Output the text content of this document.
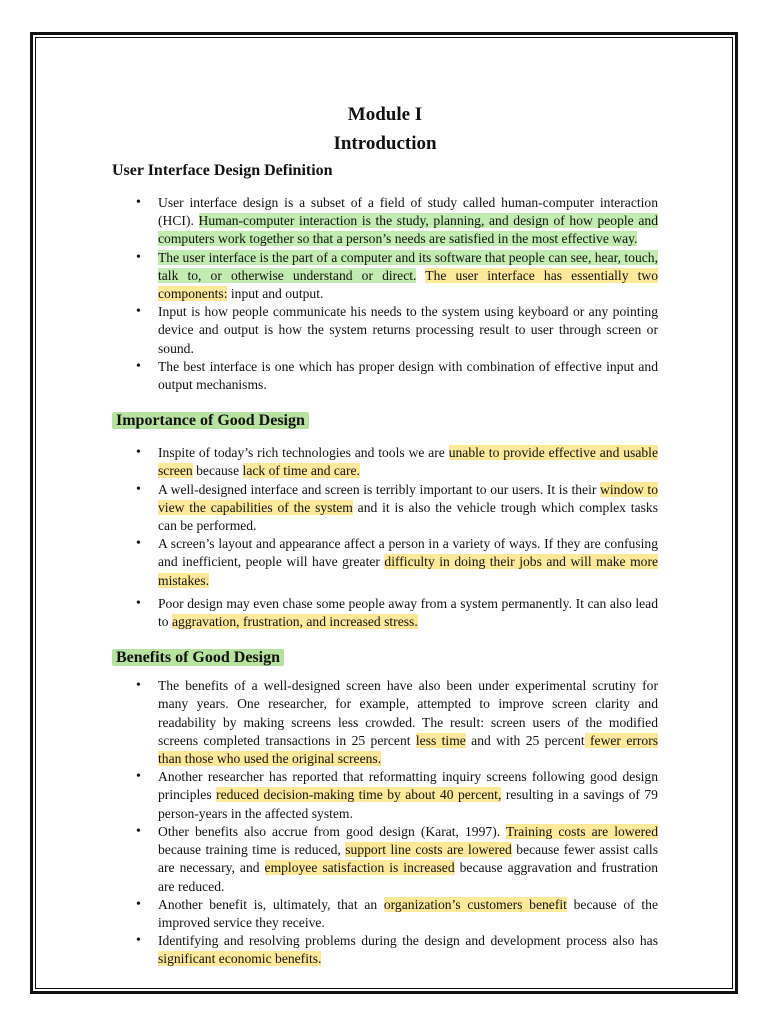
Module I
Introduction
User Interface Design Definition
• User interface design is a subset of a field of study called human-computer interaction (HCI). Human-computer interaction is the study, planning, and design of how people and computers work together so that a person’s needs are satisfied in the most effective way.
• The user interface is the part of a computer and its software that people can see, hear, touch, talk to, or otherwise understand or direct. The user interface has essentially two components: input and output.
• Input is how people communicate his needs to the system using keyboard or any pointing device and output is how the system returns processing result to user through screen or sound.
• The best interface is one which has proper design with combination of effective input and output mechanisms.
Importance of Good Design
• Inspite of today’s rich technologies and tools we are unable to provide effective and usable screen because lack of time and care.
• A well-designed interface and screen is terribly important to our users. It is their window to view the capabilities of the system and it is also the vehicle trough which complex tasks can be performed.
• A screen’s layout and appearance affect a person in a variety of ways. If they are confusing and inefficient, people will have greater difficulty in doing their jobs and will make more mistakes.
• Poor design may even chase some people away from a system permanently. It can also lead to aggravation, frustration, and increased stress.
Benefits of Good Design
• The benefits of a well-designed screen have also been under experimental scrutiny for many years. One researcher, for example, attempted to improve screen clarity and readability by making screens less crowded. The result: screen users of the modified screens completed transactions in 25 percent less time and with 25 percent fewer errors than those who used the original screens.
• Another researcher has reported that reformatting inquiry screens following good design principles reduced decision-making time by about 40 percent, resulting in a savings of 79 person-years in the affected system.
• Other benefits also accrue from good design (Karat, 1997). Training costs are lowered because training time is reduced, support line costs are lowered because fewer assist calls are necessary, and employee satisfaction is increased because aggravation and frustration are reduced.
• Another benefit is, ultimately, that an organization’s customers benefit because of the improved service they receive.
• Identifying and resolving problems during the design and development process also has significant economic benefits.
